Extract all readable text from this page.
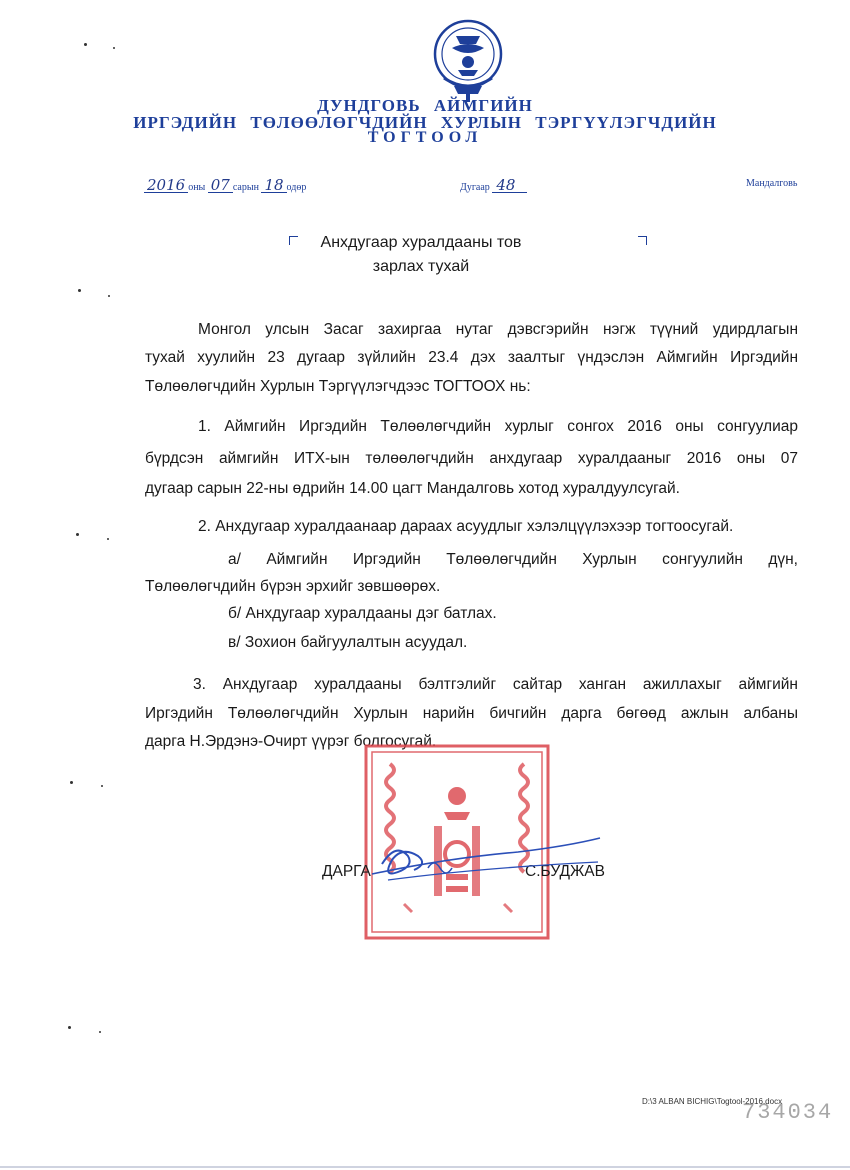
ДУНДГОВЬ АЙМГИЙН
ИРГЭДИЙН ТӨЛӨӨЛӨГЧДИЙН ХУРЛЫН ТЭРГҮҮЛЭГЧДИЙН
ТОГТООЛ
2016 оны 07 сарын 18 одөр	Дугаар 48	Мандалговь
Анхдугаар хуралдааны тов
зарлах тухай
Монгол улсын Засаг захиргаа нутаг дэвсгэрийн нэгж түүний удирдлагын
тухай хуулийн 23 дугаар зүйлийн 23.4 дэх заалтыг үндэслэн Аймгийн Иргэдийн
Төлөөлөгчдийн Хурлын Тэргүүлэгчдээс ТОГТООХ нь:
1. Аймгийн Иргэдийн Төлөөлөгчдийн хурлыг сонгох 2016 оны сонгуулиар
бүрдсэн аймгийн ИТХ-ын төлөөлөгчдийн анхдугаар хуралдааныг 2016 оны 07
дугаар сарын 22-ны өдрийн 14.00 цагт Мандалговь хотод хуралдуулсугай.
2. Анхдугаар хуралдаанаар дараах асуудлыг хэлэлцүүлэхээр тогтоосугай.
а/ Аймгийн Иргэдийн Төлөөлөгчдийн Хурлын сонгуулийн дүн,
Төлөөлөгчдийн бүрэн эрхийг зөвшөөрөх.
б/ Анхдугаар хуралдааны дэг батлах.
в/ Зохион байгуулалтын асуудал.
3. Анхдугаар хуралдааны бэлтгэлийг сайтар ханган ажиллахыг аймгийн
Иргэдийн Төлөөлөгчдийн Хурлын нарийн бичгийн дарга бөгөөд ажлын албаны
дарга Н.Эрдэнэ-Очирт үүрэг болгосугай.
ДАРГА	С.БУДЖАВ
734034
D:\3 ALBAN BICHIG\Togtool-2016.docx
